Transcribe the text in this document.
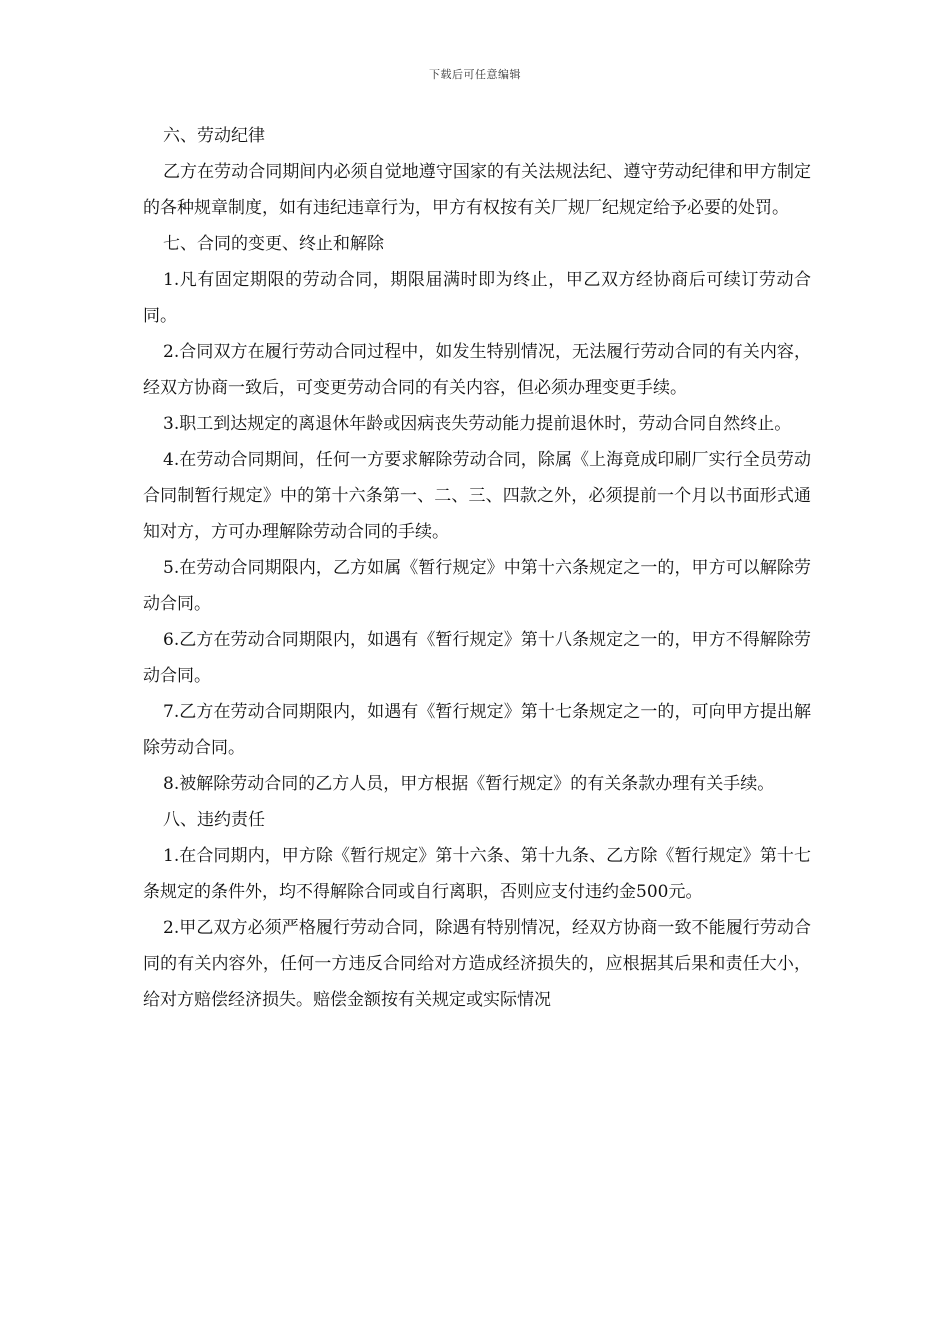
下载后可任意编辑

六、劳动纪律

乙方在劳动合同期间内必须自觉地遵守国家的有关法规法纪、遵守劳动纪律和甲方制定的各种规章制度，如有违纪违章行为，甲方有权按有关厂规厂纪规定给予必要的处罚。

七、合同的变更、终止和解除

1.凡有固定期限的劳动合同，期限届满时即为终止，甲乙双方经协商后可续订劳动合同。

2.合同双方在履行劳动合同过程中，如发生特别情况，无法履行劳动合同的有关内容，经双方协商一致后，可变更劳动合同的有关内容，但必须办理变更手续。

3.职工到达规定的离退休年龄或因病丧失劳动能力提前退休时，劳动合同自然终止。

4.在劳动合同期间，任何一方要求解除劳动合同，除属《上海竟成印刷厂实行全员劳动合同制暂行规定》中的第十六条第一、二、三、四款之外，必须提前一个月以书面形式通知对方，方可办理解除劳动合同的手续。

5.在劳动合同期限内，乙方如属《暂行规定》中第十六条规定之一的，甲方可以解除劳动合同。

6.乙方在劳动合同期限内，如遇有《暂行规定》第十八条规定之一的，甲方不得解除劳动合同。

7.乙方在劳动合同期限内，如遇有《暂行规定》第十七条规定之一的，可向甲方提出解除劳动合同。

8.被解除劳动合同的乙方人员，甲方根据《暂行规定》的有关条款办理有关手续。

八、违约责任

1.在合同期内，甲方除《暂行规定》第十六条、第十九条、乙方除《暂行规定》第十七条规定的条件外，均不得解除合同或自行离职，否则应支付违约金500元。

2.甲乙双方必须严格履行劳动合同，除遇有特别情况，经双方协商一致不能履行劳动合同的有关内容外，任何一方违反合同给对方造成经济损失的，应根据其后果和责任大小，给对方赔偿经济损失。赔偿金额按有关规定或实际情况
